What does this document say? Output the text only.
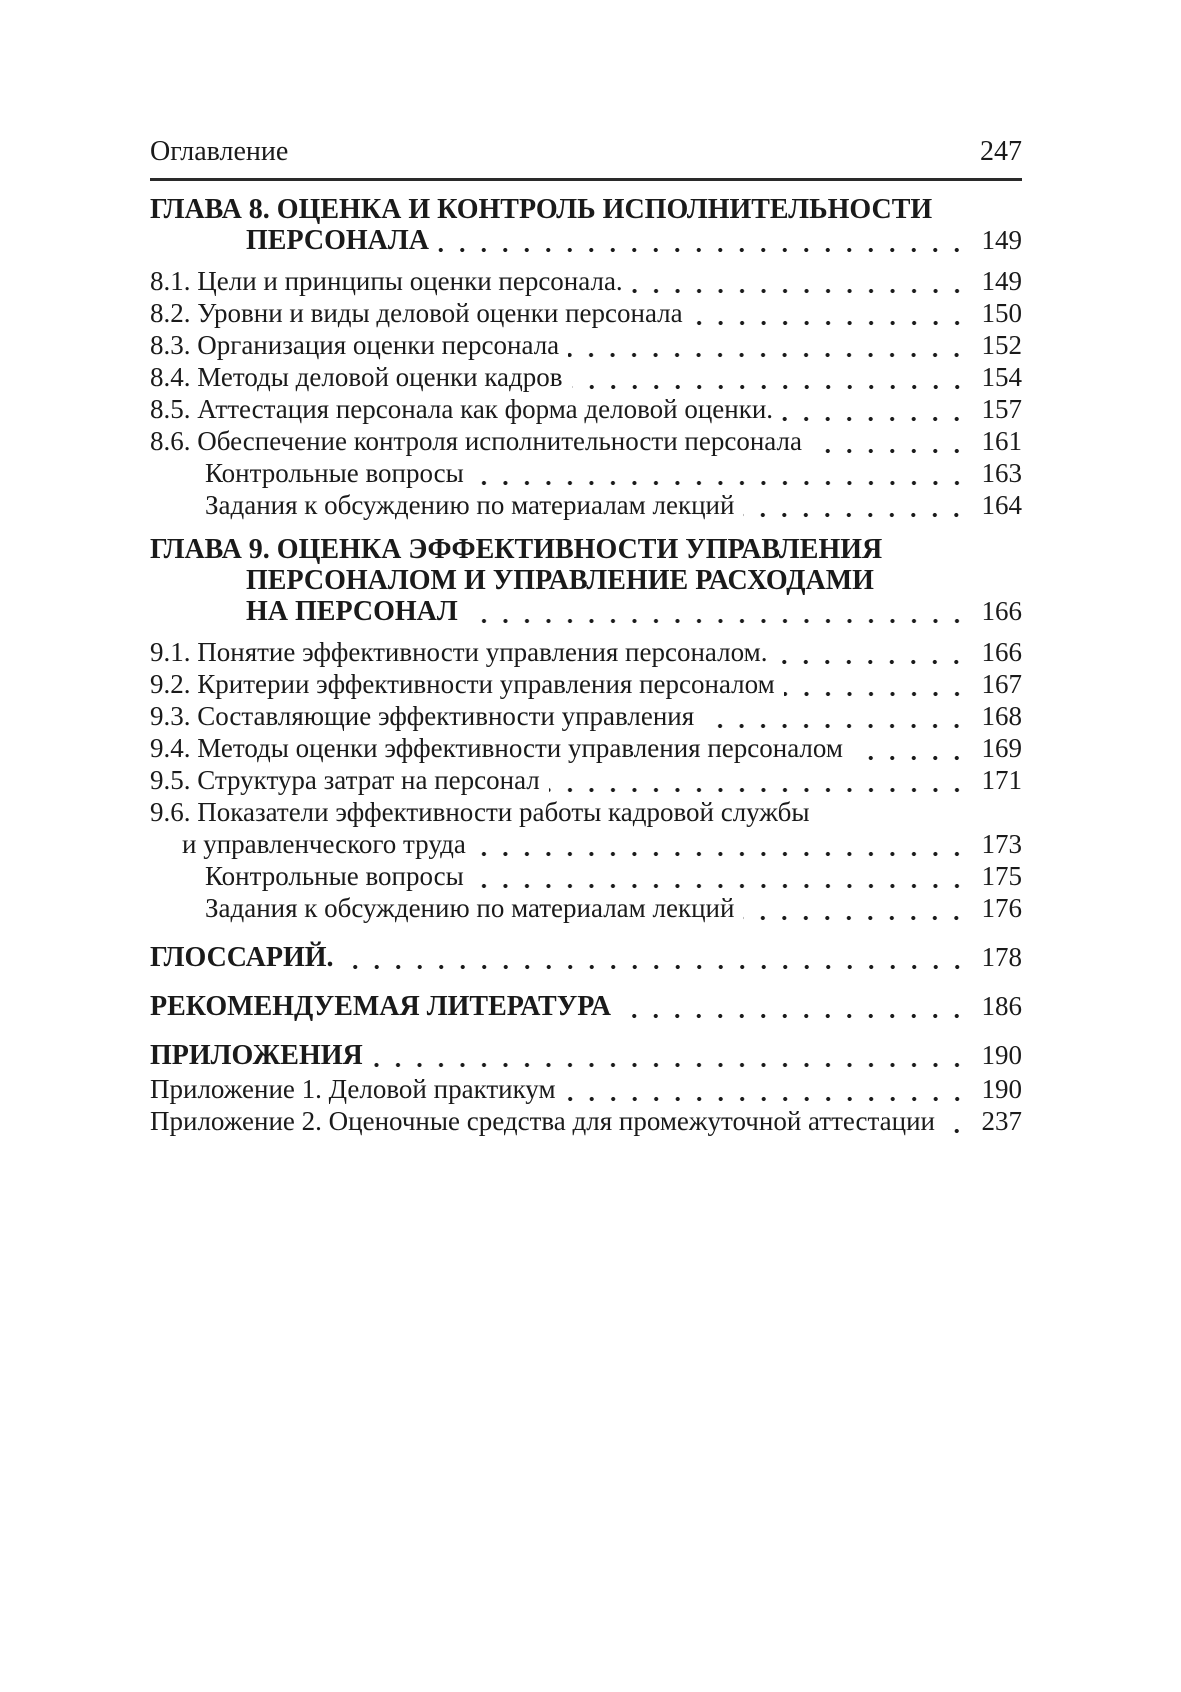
Оглавление	247
ГЛАВА 8. ОЦЕНКА И КОНТРОЛЬ ИСПОЛНИТЕЛЬНОСТИ
ПЕРСОНАЛА	149
8.1. Цели и принципы оценки персонала.	149
8.2. Уровни и виды деловой оценки персонала	150
8.3. Организация оценки персонала	152
8.4. Методы деловой оценки кадров	154
8.5. Аттестация персонала как форма деловой оценки.	157
8.6. Обеспечение контроля исполнительности персонала	161
Контрольные вопросы	163
Задания к обсуждению по материалам лекций	164
ГЛАВА 9. ОЦЕНКА ЭФФЕКТИВНОСТИ УПРАВЛЕНИЯ
ПЕРСОНАЛОМ И УПРАВЛЕНИЕ РАСХОДАМИ
НА ПЕРСОНАЛ	166
9.1. Понятие эффективности управления персоналом.	166
9.2. Критерии эффективности управления персоналом	167
9.3. Составляющие эффективности управления	168
9.4. Методы оценки эффективности управления персоналом	169
9.5. Структура затрат на персонал	171
9.6. Показатели эффективности работы кадровой службы
и управленческого труда	173
Контрольные вопросы	175
Задания к обсуждению по материалам лекций	176
ГЛОССАРИЙ.	178
РЕКОМЕНДУЕМАЯ ЛИТЕРАТУРА	186
ПРИЛОЖЕНИЯ	190
Приложение 1. Деловой практикум	190
Приложение 2. Оценочные средства для промежуточной аттестации 237
